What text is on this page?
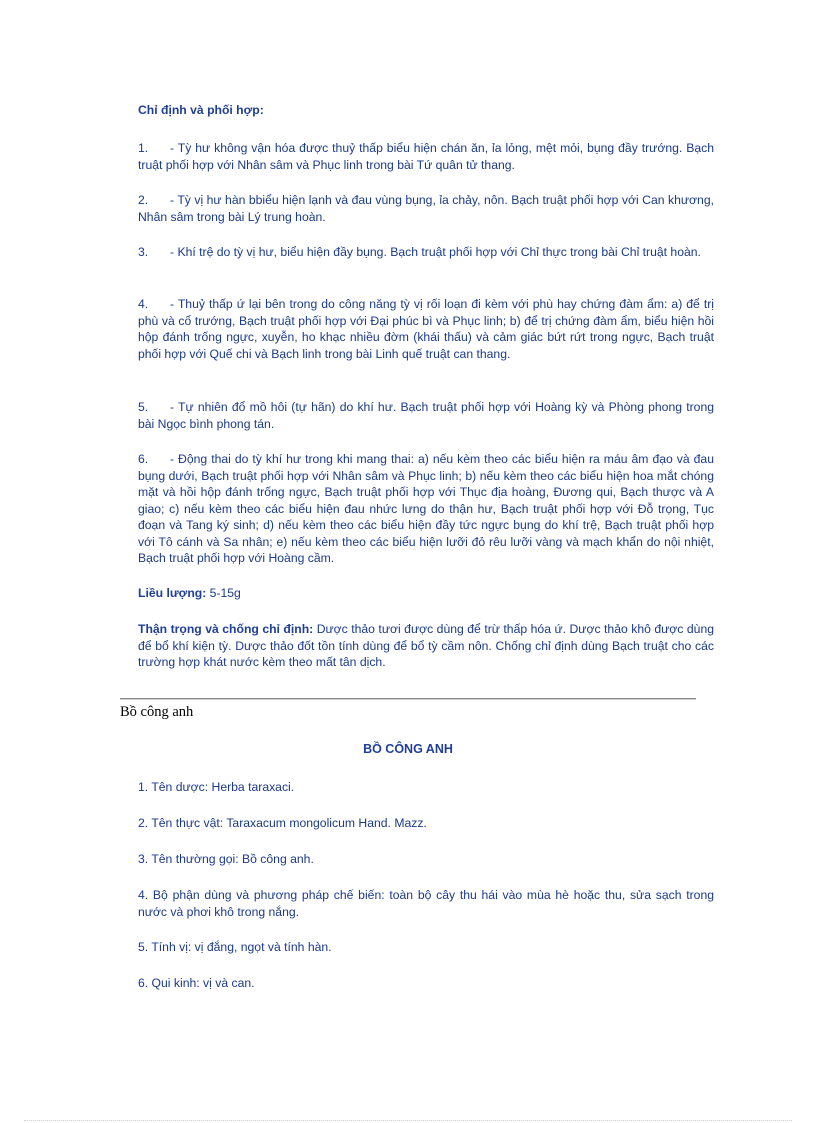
Chỉ định và phối hợp:

1. - Tỳ hư không vận hóa được thuỷ thấp biểu hiện chán ăn, ỉa lỏng, mệt mỏi, bụng đầy trướng. Bạch truật phối hợp với Nhân sâm và Phục linh trong bài Tứ quân tử thang.

2. - Tỳ vị hư hàn bbiểu hiện lạnh và đau vùng bụng, ỉa chảy, nôn. Bạch truật phối hợp với Can khương, Nhân sâm trong bài Lý trung hoàn.

3. - Khí trệ do tỳ vị hư, biểu hiện đầy bụng. Bạch truật phối hợp với Chỉ thực trong bài Chỉ truật hoàn.

4. - Thuỷ thấp ứ lại bên trong do công năng tỳ vị rối loạn đi kèm với phù hay chứng đàm ẩm: a) để trị phù và cổ trướng, Bạch truật phối hợp với Đại phúc bì và Phục linh; b) để trị chứng đàm ẩm, biểu hiện hồi hộp đánh trống ngực, xuyễn, ho khạc nhiều đờm (khái thấu) và cảm giác bứt rứt trong ngực, Bạch truật phối hợp với Quế chi và Bạch linh trong bài Linh quế truật can thang.

5. - Tự nhiên đổ mồ hôi (tự hãn) do khí hư. Bạch truật phối hợp với Hoàng kỳ và Phòng phong trong bài Ngọc bình phong tán.

6. - Động thai do tỳ khí hư trong khi mang thai: a) nếu kèm theo các biểu hiện ra máu âm đạo và đau bụng dưới, Bạch truật phối hợp với Nhân sâm và Phục linh; b) nếu kèm theo các biểu hiện hoa mắt chóng mặt và hồi hộp đánh trống ngực, Bạch truật phối hợp với Thục địa hoàng, Đương qui, Bạch thược và A giao; c) nếu kèm theo các biểu hiện đau nhức lưng do thận hư, Bạch truật phối hợp với Đỗ trọng, Tục đoạn và Tang ký sinh; d) nếu kèm theo các biểu hiện đầy tức ngực bụng do khí trệ, Bạch truật phối hợp với Tô cánh và Sa nhân; e) nếu kèm theo các biểu hiện lưỡi đỏ rêu lưỡi vàng và mạch khẩn do nội nhiệt, Bạch truật phối hợp với Hoàng cầm.

Liều lượng: 5-15g

Thận trọng và chống chỉ định: Dược thảo tươi được dùng để trừ thấp hóa ứ. Dược thảo khô được dùng để bổ khí kiện tỳ. Dược thảo đốt tồn tính dùng để bổ tỳ cầm nôn. Chống chỉ định dùng Bạch truật cho các trường hợp khát nước kèm theo mất tân dịch.

Bồ công anh
BỒ CÔNG ANH

1. Tên dược: Herba taraxaci.

2. Tên thực vật: Taraxacum mongolicum Hand. Mazz.

3. Tên thường gọi: Bồ công anh.

4. Bộ phận dùng và phương pháp chế biến: toàn bộ cây thu hái vào mùa hè hoặc thu, sửa sạch trong nước và phơi khô trong nắng.

5. Tính vị: vị đắng, ngọt và tính hàn.

6. Qui kinh: vị và can.
